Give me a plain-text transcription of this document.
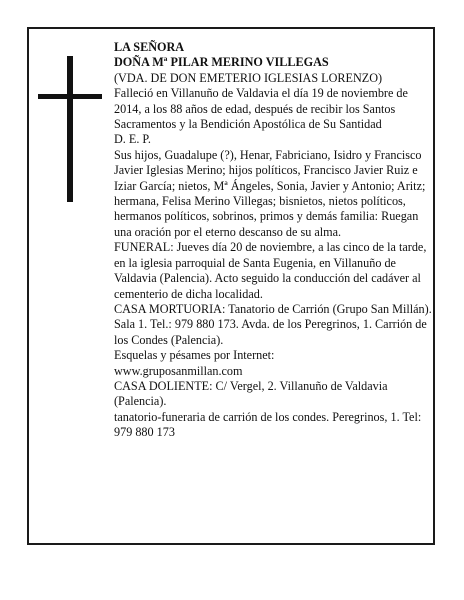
LA SEÑORA

DOÑA Mª PILAR MERINO VILLEGAS

(VDA. DE DON EMETERIO IGLESIAS LORENZO)

Falleció en Villanuño de Valdavia el día 19 de noviembre de 2014, a los 88 años de edad, después de recibir los Santos Sacramentos y la Bendición Apostólica de Su Santidad

D. E. P.

Sus hijos, Guadalupe (?), Henar, Fabriciano, Isidro y Francisco Javier Iglesias Merino; hijos políticos, Francisco Javier Ruiz e Iziar García; nietos, Mª Ángeles, Sonia, Javier y Antonio; Aritz; hermana, Felisa Merino Villegas; bisnietos, nietos políticos, hermanos políticos, sobrinos, primos y demás familia: Ruegan una oración por el eterno descanso de su alma.

FUNERAL: Jueves día 20 de noviembre, a las cinco de la tarde, en la iglesia parroquial de Santa Eugenia, en Villanuño de Valdavia (Palencia). Acto seguido la conducción del cadáver al cementerio de dicha localidad.

CASA MORTUORIA: Tanatorio de Carrión (Grupo San Millán). Sala 1. Tel.: 979 880 173. Avda. de los Peregrinos, 1. Carrión de los Condes (Palencia).

Esquelas y pésames por Internet:

www.gruposanmillan.com

CASA DOLIENTE: C/ Vergel, 2. Villanuño de Valdavia (Palencia).

tanatorio-funeraria de carrión de los condes. Peregrinos, 1. Tel: 979 880 173
